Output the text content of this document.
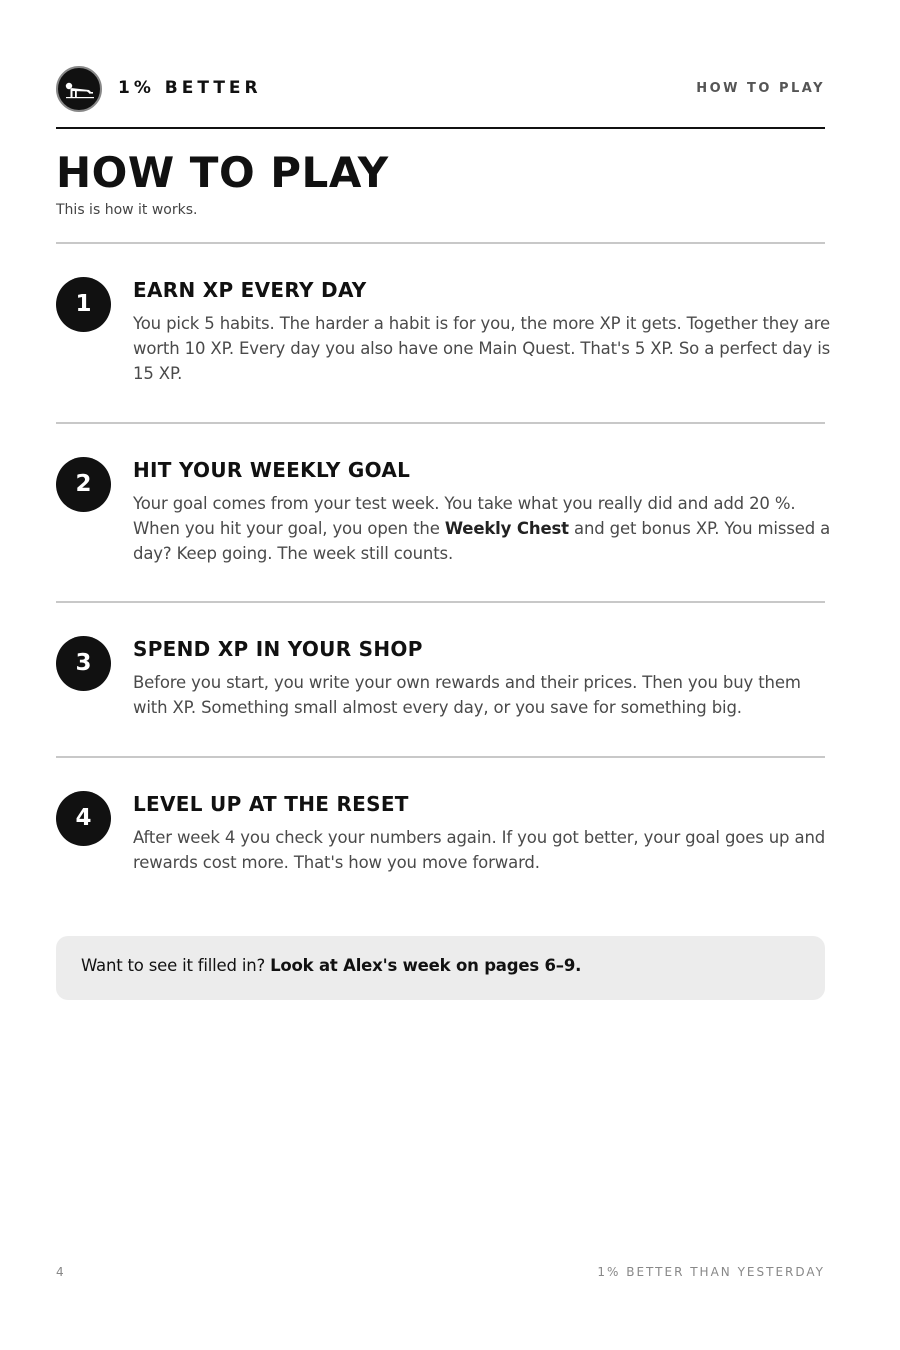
1% BETTER	HOW TO PLAY
HOW TO PLAY
This is how it works.
1
EARN XP EVERY DAY

You pick 5 habits. The harder a habit is for you, the more XP it gets. Together they are worth 10 XP. Every day you also have one Main Quest. That's 5 XP. So a perfect day is 15 XP.

2
HIT YOUR WEEKLY GOAL

Your goal comes from your test week. You take what you really did and add 20 %. When you hit your goal, you open the Weekly Chest and get bonus XP. You missed a day? Keep going. The week still counts.

3
SPEND XP IN YOUR SHOP

Before you start, you write your own rewards and their prices. Then you buy them with XP. Something small almost every day, or you save for something big.

4
LEVEL UP AT THE RESET

After week 4 you check your numbers again. If you got better, your goal goes up and rewards cost more. That's how you move forward.

Want to see it filled in? Look at Alex's week on pages 6–9.
4	1% BETTER THAN YESTERDAY
